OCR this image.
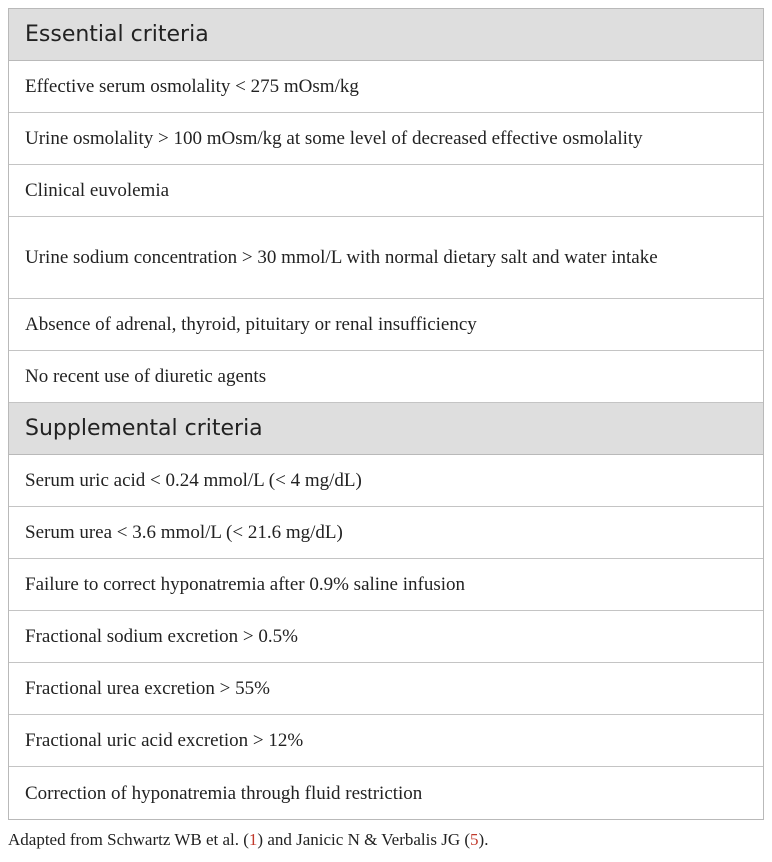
Essential criteria
Effective serum osmolality < 275 mOsm/kg
Urine osmolality > 100 mOsm/kg at some level of decreased effective osmolality
Clinical euvolemia
Urine sodium concentration > 30 mmol/L with normal dietary salt and water intake
Absence of adrenal, thyroid, pituitary or renal insufficiency
No recent use of diuretic agents
Supplemental criteria
Serum uric acid < 0.24 mmol/L (< 4 mg/dL)
Serum urea < 3.6 mmol/L (< 21.6 mg/dL)
Failure to correct hyponatremia after 0.9% saline infusion
Fractional sodium excretion > 0.5%
Fractional urea excretion > 55%
Fractional uric acid excretion > 12%
Correction of hyponatremia through fluid restriction
Adapted from Schwartz WB et al. (1) and Janicic N & Verbalis JG (5).
